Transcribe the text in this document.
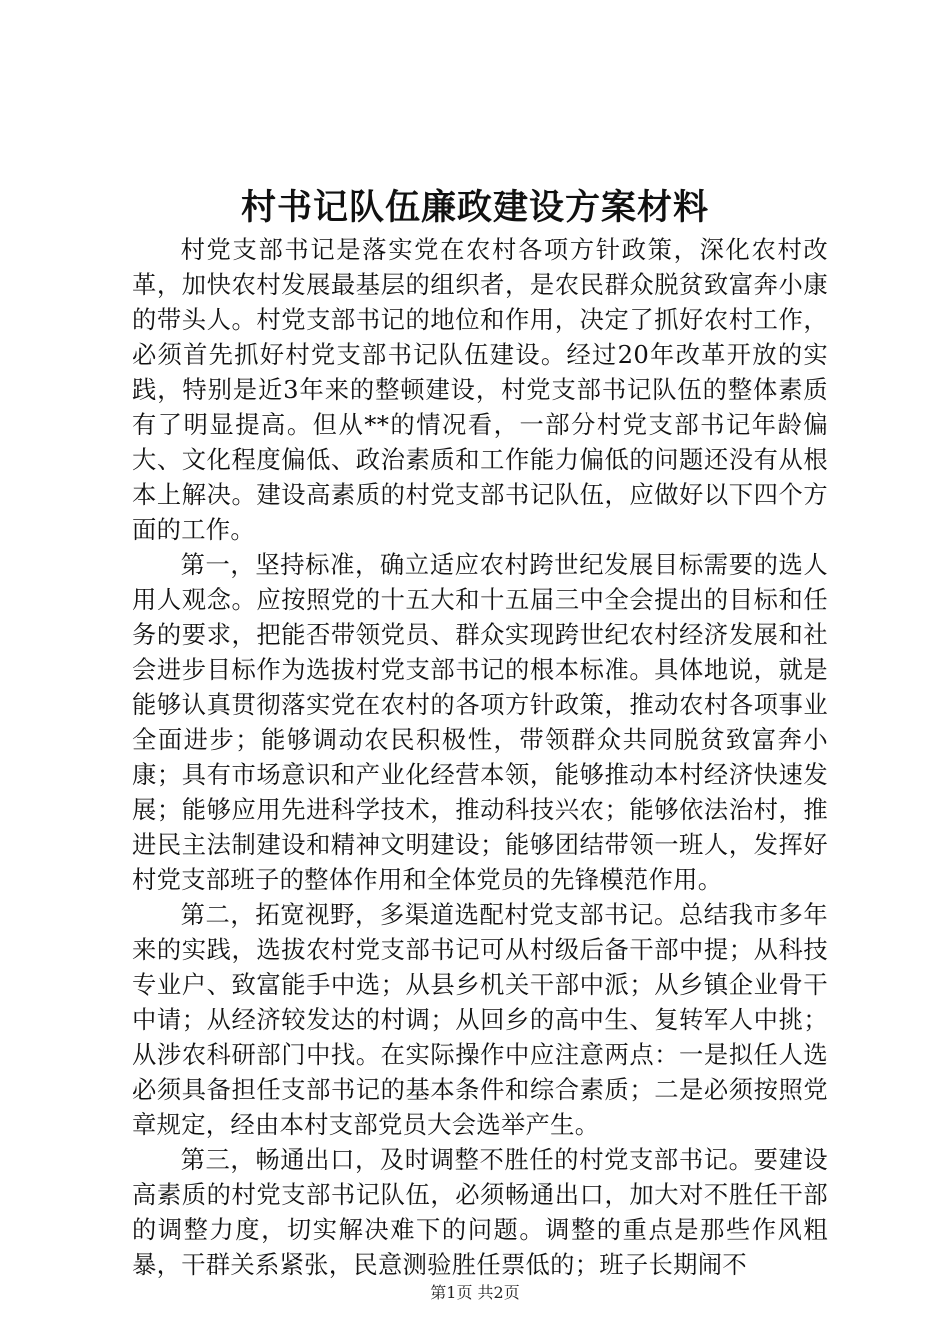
村书记队伍廉政建设方案材料

村党支部书记是落实党在农村各项方针政策，深化农村改革，加快农村发展最基层的组织者，是农民群众脱贫致富奔小康的带头人。村党支部书记的地位和作用，决定了抓好农村工作，必须首先抓好村党支部书记队伍建设。经过20年改革开放的实践，特别是近3年来的整顿建设，村党支部书记队伍的整体素质有了明显提高。但从**的情况看，一部分村党支部书记年龄偏大、文化程度偏低、政治素质和工作能力偏低的问题还没有从根本上解决。建设高素质的村党支部书记队伍，应做好以下四个方面的工作。

第一，坚持标准，确立适应农村跨世纪发展目标需要的选人用人观念。应按照党的十五大和十五届三中全会提出的目标和任务的要求，把能否带领党员、群众实现跨世纪农村经济发展和社会进步目标作为选拔村党支部书记的根本标准。具体地说，就是能够认真贯彻落实党在农村的各项方针政策，推动农村各项事业全面进步；能够调动农民积极性，带领群众共同脱贫致富奔小康；具有市场意识和产业化经营本领，能够推动本村经济快速发展；能够应用先进科学技术，推动科技兴农；能够依法治村，推进民主法制建设和精神文明建设；能够团结带领一班人，发挥好村党支部班子的整体作用和全体党员的先锋模范作用。

第二，拓宽视野，多渠道选配村党支部书记。总结我市多年来的实践，选拔农村党支部书记可从村级后备干部中提；从科技专业户、致富能手中选；从县乡机关干部中派；从乡镇企业骨干中请；从经济较发达的村调；从回乡的高中生、复转军人中挑；从涉农科研部门中找。在实际操作中应注意两点：一是拟任人选必须具备担任支部书记的基本条件和综合素质；二是必须按照党章规定，经由本村支部党员大会选举产生。

第三，畅通出口，及时调整不胜任的村党支部书记。要建设高素质的村党支部书记队伍，必须畅通出口，加大对不胜任干部的调整力度，切实解决难下的问题。调整的重点是那些作风粗暴，干群关系紧张，民意测验胜任票低的；班子长期闹不

第1页 共2页
